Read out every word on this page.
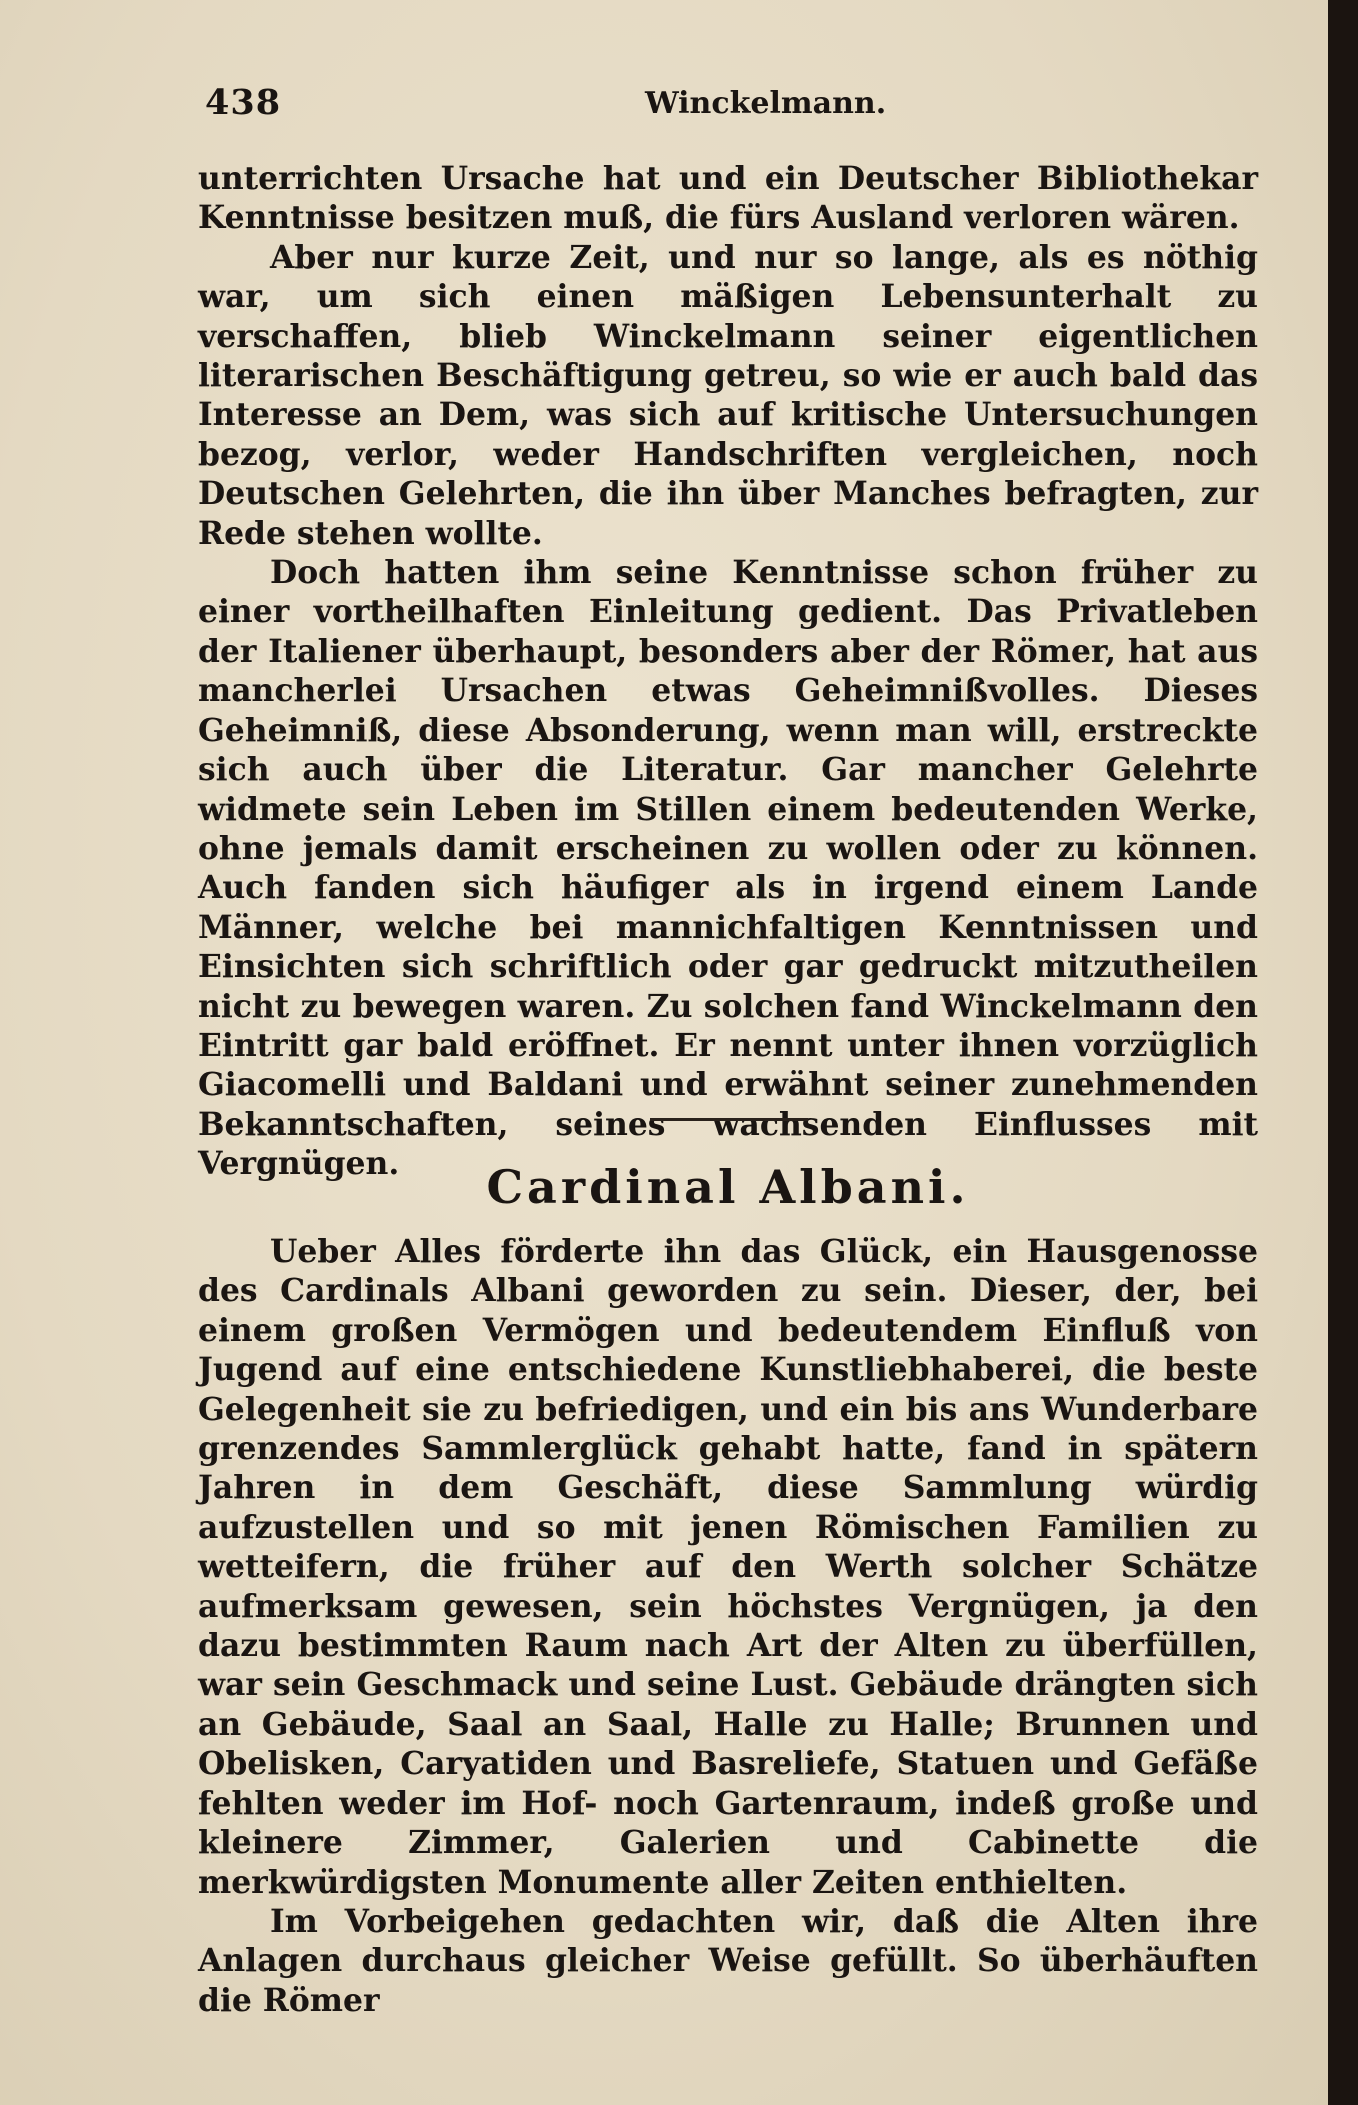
438	Winckelmann.

unterrichten Ursache hat und ein Deutscher Bibliothekar Kenntnisse besitzen muß, die fürs Ausland verloren wären.

Aber nur kurze Zeit, und nur so lange, als es nöthig war, um sich einen mäßigen Lebensunterhalt zu verschaffen, blieb Winckelmann seiner eigentlichen literarischen Beschäftigung getreu, so wie er auch bald das Interesse an Dem, was sich auf kritische Untersuchungen bezog, verlor, weder Handschriften vergleichen, noch Deutschen Gelehrten, die ihn über Manches befragten, zur Rede stehen wollte.

Doch hatten ihm seine Kenntnisse schon früher zu einer vortheilhaften Einleitung gedient. Das Privatleben der Italiener überhaupt, besonders aber der Römer, hat aus mancherlei Ursachen etwas Geheimnißvolles. Dieses Geheimniß, diese Absonderung, wenn man will, erstreckte sich auch über die Literatur. Gar mancher Gelehrte widmete sein Leben im Stillen einem bedeutenden Werke, ohne jemals damit erscheinen zu wollen oder zu können. Auch fanden sich häufiger als in irgend einem Lande Männer, welche bei mannichfaltigen Kenntnissen und Einsichten sich schriftlich oder gar gedruckt mitzutheilen nicht zu bewegen waren. Zu solchen fand Winckelmann den Eintritt gar bald eröffnet. Er nennt unter ihnen vorzüglich Giacomelli und Baldani und erwähnt seiner zunehmenden Bekanntschaften, seines wachsenden Einflusses mit Vergnügen.	Cardinal Albani.

Ueber Alles förderte ihn das Glück, ein Hausgenosse des Cardinals Albani geworden zu sein. Dieser, der, bei einem großen Vermögen und bedeutendem Einfluß von Jugend auf eine entschiedene Kunstliebhaberei, die beste Gelegenheit sie zu befriedigen, und ein bis ans Wunderbare grenzendes Sammlerglück gehabt hatte, fand in spätern Jahren in dem Geschäft, diese Sammlung würdig aufzustellen und so mit jenen Römischen Familien zu wetteifern, die früher auf den Werth solcher Schätze aufmerksam gewesen, sein höchstes Vergnügen, ja den dazu bestimmten Raum nach Art der Alten zu überfüllen, war sein Geschmack und seine Lust. Gebäude drängten sich an Gebäude, Saal an Saal, Halle zu Halle; Brunnen und Obelisken, Caryatiden und Basreliefe, Statuen und Gefäße fehlten weder im Hof- noch Gartenraum, indeß große und kleinere Zimmer, Galerien und Cabinette die merkwürdigsten Monumente aller Zeiten enthielten.

Im Vorbeigehen gedachten wir, daß die Alten ihre Anlagen durchaus gleicher Weise gefüllt. So überhäuften die Römer
